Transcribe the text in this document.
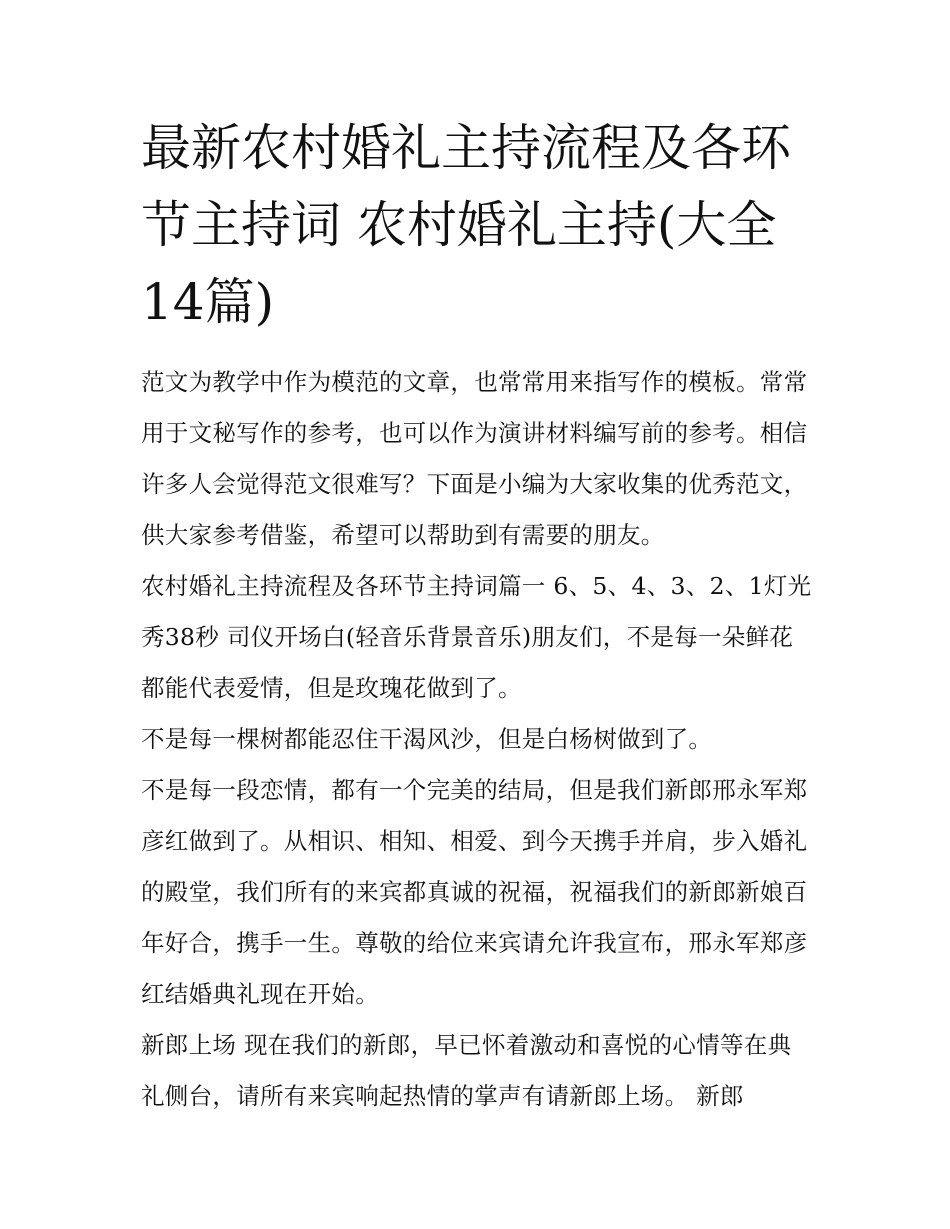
最新农村婚礼主持流程及各环节主持词 农村婚礼主持(大全14篇)

范文为教学中作为模范的文章，也常常用来指写作的模板。常常用于文秘写作的参考，也可以作为演讲材料编写前的参考。相信许多人会觉得范文很难写？下面是小编为大家收集的优秀范文，供大家参考借鉴，希望可以帮助到有需要的朋友。

农村婚礼主持流程及各环节主持词篇一 6、5、4、3、2、1灯光秀38秒 司仪开场白(轻音乐背景音乐)朋友们，不是每一朵鲜花都能代表爱情，但是玫瑰花做到了。

不是每一棵树都能忍住干渴风沙，但是白杨树做到了。

不是每一段恋情，都有一个完美的结局，但是我们新郎邢永军郑彦红做到了。从相识、相知、相爱、到今天携手并肩，步入婚礼的殿堂，我们所有的来宾都真诚的祝福，祝福我们的新郎新娘百年好合，携手一生。尊敬的给位来宾请允许我宣布，邢永军郑彦红结婚典礼现在开始。

新郎上场 现在我们的新郎，早已怀着激动和喜悦的心情等在典礼侧台，请所有来宾响起热情的掌声有请新郎上场。 新郎
